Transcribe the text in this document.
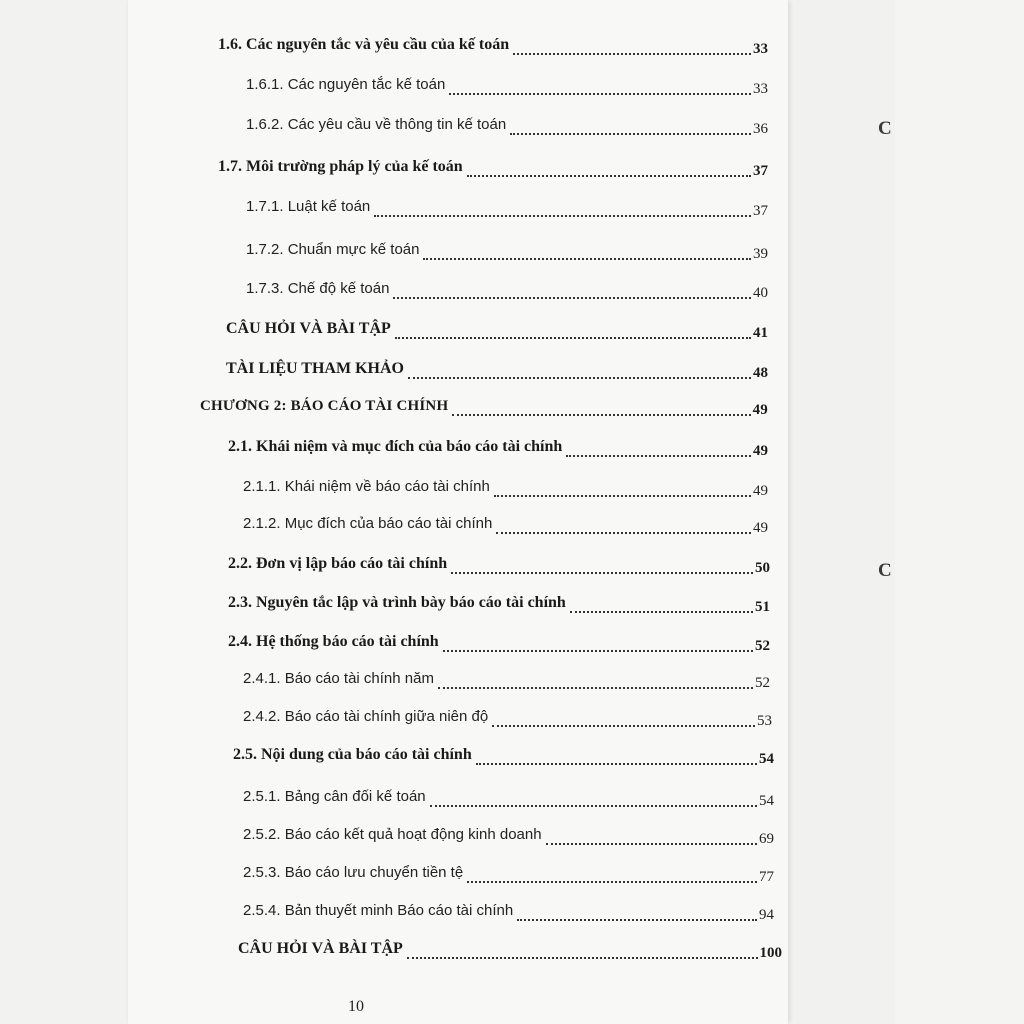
C
C
1.6. Các nguyên tắc và yêu cầu của kế toán	33
1.6.1. Các nguyên tắc kế toán	33
1.6.2. Các yêu cầu về thông tin kế toán	36
1.7. Môi trường pháp lý của kế toán	37
1.7.1. Luật kế toán	37
1.7.2. Chuẩn mực kế toán	39
1.7.3. Chế độ kế toán	40
CÂU HỎI VÀ BÀI TẬP	41
TÀI LIỆU THAM KHẢO	48
CHƯƠNG 2: BÁO CÁO TÀI CHÍNH	49
2.1. Khái niệm và mục đích của báo cáo tài chính	49
2.1.1. Khái niệm về báo cáo tài chính	49
2.1.2. Mục đích của báo cáo tài chính	49
2.2. Đơn vị lập báo cáo tài chính	50
2.3. Nguyên tắc lập và trình bày báo cáo tài chính	51
2.4. Hệ thống báo cáo tài chính	52
2.4.1. Báo cáo tài chính năm	52
2.4.2. Báo cáo tài chính giữa niên độ	53
2.5. Nội dung của báo cáo tài chính	54
2.5.1. Bảng cân đối kế toán	54
2.5.2. Báo cáo kết quả hoạt động kinh doanh	69
2.5.3. Báo cáo lưu chuyển tiền tệ	77
2.5.4. Bản thuyết minh Báo cáo tài chính	94
CÂU HỎI VÀ BÀI TẬP	100
10
